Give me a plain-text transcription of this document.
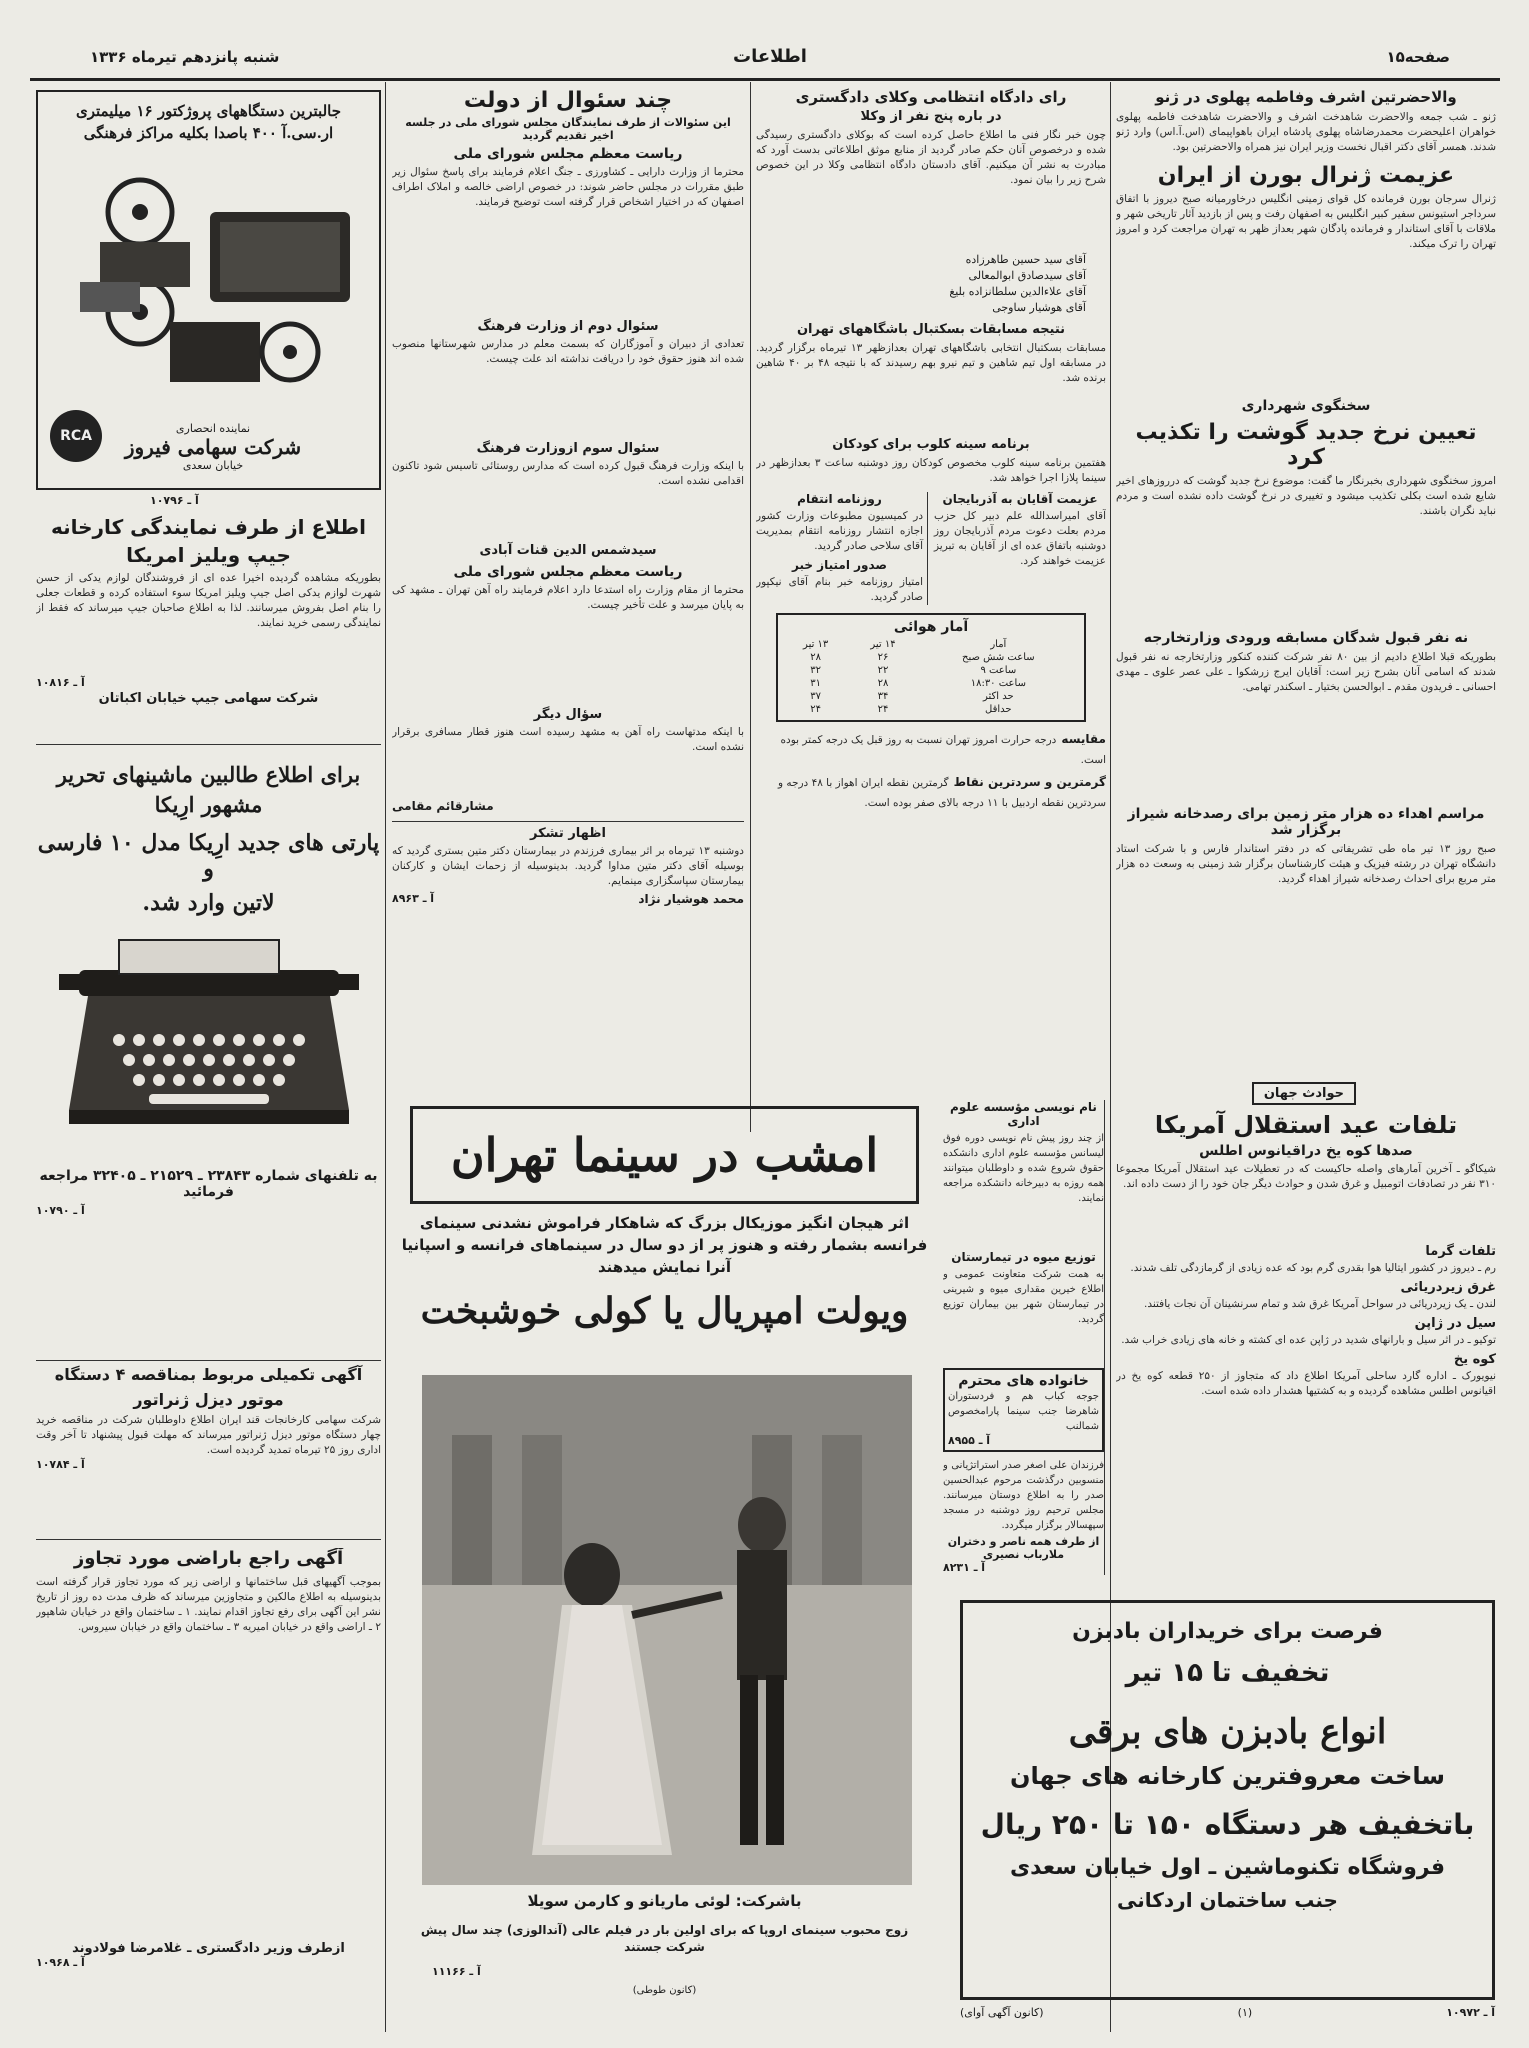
صفحه۱۵
اطلاعات
شنبه پانزدهم تیرماه ۱۳۳۶
والاحضرتین اشرف وفاطمه پهلوی در ژنو
ژنو ـ شب جمعه والاحضرت شاهدخت اشرف و والاحضرت شاهدخت فاطمه پهلوی خواهران اعلیحضرت محمدرضاشاه پهلوی پادشاه ایران باهواپیمای (اس.آ.اس) وارد ژنو شدند. همسر آقای دکتر اقبال نخست وزیر ایران نیز همراه والاحضرتین بود.
عزیمت ژنرال بورن از ایران
ژنرال سرجان بورن فرمانده کل قوای زمینی انگلیس درخاورمیانه صبح دیروز با اتفاق سرداجر استیونس سفیر کبیر انگلیس به اصفهان رفت و پس از بازدید آثار تاریخی شهر و ملاقات با آقای استاندار و فرمانده پادگان شهر بعداز ظهر به تهران مراجعت کرد و امروز تهران را ترک میکند.
سخنگوی شهرداری
تعیین نرخ جدید گوشت را تکذیب کرد
امروز سخنگوی شهرداری بخبرنگار ما گفت: موضوع نرخ جدید گوشت که درروزهای اخیر شایع شده است بکلی تکذیب میشود و تغییری در نرخ گوشت داده نشده است و مردم نباید نگران باشند.
نه نفر قبول شدگان مسابقه ورودی وزارتخارجه
بطوریکه قبلا اطلاع دادیم از بین ۸۰ نفر شرکت کننده کنکور وزارتخارجه نه نفر قبول شدند که اسامی آنان بشرح زیر است: آقایان ایرج زرشکوا ـ علی عصر علوی ـ مهدی احسانی ـ فریدون مقدم ـ ابوالحسن بختیار ـ اسکندر تهامی.
مراسم اهداء ده هزار متر زمین برای رصدخانه شیراز برگزار شد
صبح روز ۱۳ تیر ماه طی تشریفاتی که در دفتر استاندار فارس و با شرکت استاد دانشگاه تهران در رشته فیزیک و هیئت کارشناسان برگزار شد زمینی به وسعت ده هزار متر مربع برای احداث رصدخانه شیراز اهداء گردید.
رای دادگاه انتظامی وکلای دادگستری
در باره پنج نفر از وکلا
چون خبر نگار فنی ما اطلاع حاصل کرده است که بوکلای دادگستری رسیدگی شده و درخصوص آنان حکم صادر گردید از منابع موثق اطلاعاتی بدست آورد که مبادرت به نشر آن میکنیم. آقای دادستان دادگاه انتظامی وکلا در این خصوص شرح زیر را بیان نمود.
آقای سید حسین طاهرزاده
آقای سیدصادق ابوالمعالی
آقای علاءالدین سلطانزاده بلیغ
آقای هوشیار ساوجی
نتیجه مسابقات بسکتبال باشگاههای تهران
مسابقات بسکتبال انتخابی باشگاههای تهران بعدازظهر ۱۳ تیرماه برگزار گردید. در مسابقه اول تیم شاهین و تیم نیرو بهم رسیدند که با نتیجه ۴۸ بر ۴۰ شاهین برنده شد.
برنامه سینه کلوب برای کودکان
هفتمین برنامه سینه کلوب مخصوص کودکان روز دوشنبه ساعت ۳ بعدازظهر در سینما پلازا اجرا خواهد شد.
عزیمت آقایان به آذربایجان
آقای امیراسدالله علم دبیر کل حزب مردم بعلت دعوت مردم آذربایجان روز دوشنبه باتفاق عده ای از آقایان به تبریز عزیمت خواهند کرد.
روزنامه انتقام
در کمیسیون مطبوعات وزارت کشور اجازه انتشار روزنامه انتقام بمدیریت آقای سلاحی صادر گردید.
صدور امتیاز خبر
امتیاز روزنامه خبر بنام آقای نیکپور صادر گردید.
آمار هوائی
آمار	۱۴ تیر	۱۳ تیر
ساعت شش صبح	۲۶	۲۸
ساعت ۹	۲۲	۳۲
ساعت ۱۸:۳۰	۲۸	۳۱
حد اکثر	۳۴	۳۷
حداقل	۲۴	۲۴
مقایسه درجه حرارت امروز تهران نسبت به روز قبل یک درجه کمتر بوده است.
گرمترین و سردترین نقاط گرمترین نقطه ایران اهواز با ۴۸ درجه و سردترین نقطه اردبیل با ۱۱ درجه بالای صفر بوده است.
چند سئوال از دولت
این سئوالات از طرف نمایندگان مجلس شورای ملی در جلسه اخیر تقدیم گردید
ریاست معظم مجلس شورای ملی
محترما از وزارت دارایی ـ کشاورزی ـ جنگ اعلام فرمایند برای پاسخ سئوال زیر طبق مقررات در مجلس حاضر شوند: در خصوص اراضی خالصه و املاک اطراف اصفهان که در اختیار اشخاص قرار گرفته است توضیح فرمایند.
سئوال دوم از وزارت فرهنگ
تعدادی از دبیران و آموزگاران که بسمت معلم در مدارس شهرستانها منصوب شده اند هنوز حقوق خود را دریافت نداشته اند علت چیست.
سئوال سوم ازوزارت فرهنگ
با اینکه وزارت فرهنگ قبول کرده است که مدارس روستائی تاسیس شود تاکنون اقدامی نشده است.
سیدشمس الدین قنات آبادی
ریاست معظم مجلس شورای ملی
محترما از مقام وزارت راه استدعا دارد اعلام فرمایند راه آهن تهران ـ مشهد کی به پایان میرسد و علت تأخیر چیست.
سؤال دیگر
با اینکه مدتهاست راه آهن به مشهد رسیده است هنوز قطار مسافری برقرار نشده است.
مشارقائم مقامی
اظهار تشکر
دوشنبه ۱۳ تیرماه بر اثر بیماری فرزندم در بیمارستان دکتر متین بستری گردید که بوسیله آقای دکتر متین مداوا گردید. بدینوسیله از زحمات ایشان و کارکنان بیمارستان سپاسگزاری مینمایم.
محمد هوشیار نژاد
آ ـ ۸۹۶۳
امشب در سینما تهران
اثر هیجان انگیز موزیکال بزرگ که شاهکار فراموش نشدنی سینمای
فرانسه بشمار رفته و هنوز پر از دو سال در سینماهای فرانسه و اسپانیا
آنرا نمایش میدهند
ویولت امپریال یا کولی خوشبخت
باشرکت: لوئی ماریانو و کارمن سویلا
زوج محبوب سینمای اروپا که برای اولین بار در فیلم عالی (آندالوزی) چند سال پیش شرکت جستند
آ ـ ۱۱۱۶۶
(کانون طوطی)
نام نویسی مؤسسه علوم اداری
از چند روز پیش نام نویسی دوره فوق لیسانس مؤسسه علوم اداری دانشکده حقوق شروع شده و داوطلبان میتوانند همه روزه به دبیرخانه دانشکده مراجعه نمایند.
توزیع میوه در تیمارستان
به همت شرکت متعاونت عمومی و اطلاع خیرین مقداری میوه و شیرینی در تیمارستان شهر بین بیماران توزیع گردید.
خانواده های محترم
جوجه کباب هم و فردستوران شاهرضا جنب سینما پارامخصوص شمالنب
آ ـ ۸۹۵۵
فرزندان علی اصغر صدر استراتژیانی و منسوبین درگذشت مرحوم عبدالحسین صدر را به اطلاع دوستان میرسانند. مجلس ترحیم روز دوشنبه در مسجد سپهسالار برگزار میگردد.
از طرف همه ناصر و دختران ملارباب نصیری
آ ـ ۸۲۳۱
حوادث جهان
تلفات عید استقلال آمریکا
صدها کوه یخ دراقیانوس اطلس
شیکاگو ـ آخرین آمارهای واصله حاکیست که در تعطیلات عید استقلال آمریکا مجموعا ۳۱۰ نفر در تصادفات اتومبیل و غرق شدن و حوادث دیگر جان خود را از دست داده اند.
تلفات گرما
رم ـ دیروز در کشور ایتالیا هوا بقدری گرم بود که عده زیادی از گرمازدگی تلف شدند.
غرق زیردریائی
لندن ـ یک زیردریائی در سواحل آمریکا غرق شد و تمام سرنشینان آن نجات یافتند.
سیل در ژاپن
توکیو ـ در اثر سیل و بارانهای شدید در ژاپن عده ای کشته و خانه های زیادی خراب شد.
کوه یخ
نیویورک ـ اداره گارد ساحلی آمریکا اطلاع داد که متجاوز از ۲۵۰ قطعه کوه یخ در اقیانوس اطلس مشاهده گردیده و به کشتیها هشدار داده شده است.
فرصت برای خریداران بادبزن
تخفیف تا ۱۵ تیر
انواع بادبزن های برقی
ساخت معروفترین کارخانه های جهان
باتخفیف هر دستگاه ۱۵۰ تا ۲۵۰ ریال
فروشگاه تکنوماشین ـ اول خیابان سعدی
جنب ساختمان اردکانی
آ ـ ۱۰۹۷۲
(۱)
(کانون آگهی آوای)
جالبترین دستگاههای پروژکتور ۱۶ میلیمتری ار.سی.آ ۴۰۰ باصدا بکلیه مراکز فرهنگی
نماینده انحصاری
شرکت سهامی فیروز
خیابان سعدی
RCA
آ ـ ۱۰۷۹۶
اطلاع از طرف نمایندگی کارخانه
جیپ ویلیز امریکا
بطوریکه مشاهده گردیده اخیرا عده ای از فروشندگان لوازم یدکی از حسن شهرت لوازم یدکی اصل جیپ ویلیز امریکا سوء استفاده کرده و قطعات جعلی را بنام اصل بفروش میرسانند. لذا به اطلاع صاحبان جیپ میرساند که فقط از نمایندگی رسمی خرید نمایند.
آ ـ ۱۰۸۱۶
شرکت سهامی جیپ خیابان اکباتان
برای اطلاع طالبین ماشینهای تحریر مشهور ارِیکا
پارتی های جدید ارِیکا مدل ۱۰ فارسی و
لاتین وارد شد.
به تلفنهای شماره ۲۳۸۴۳ ـ ۲۱۵۲۹ ـ ۳۲۴۰۵ مراجعه فرمائید
آ ـ ۱۰۷۹۰
آگهی تکمیلی مربوط بمناقصه ۴ دستگاه
موتور دیزل ژنراتور
شرکت سهامی کارخانجات قند ایران اطلاع داوطلبان شرکت در مناقصه خرید چهار دستگاه موتور دیزل ژنراتور میرساند که مهلت قبول پیشنهاد تا آخر وقت اداری روز ۲۵ تیرماه تمدید گردیده است.
آ ـ ۱۰۷۸۴
آگهی راجع باراضی مورد تجاوز
بموجب آگهیهای قبل ساختمانها و اراضی زیر که مورد تجاوز قرار گرفته است بدینوسیله به اطلاع مالکین و متجاوزین میرساند که ظرف مدت ده روز از تاریخ نشر این آگهی برای رفع تجاوز اقدام نمایند. ۱ ـ ساختمان واقع در خیابان شاهپور ۲ ـ اراضی واقع در خیابان امیریه ۳ ـ ساختمان واقع در خیابان سیروس.
ازطرف وزیر دادگستری ـ غلامرضا فولادوند
آ ـ ۱۰۹۶۸
